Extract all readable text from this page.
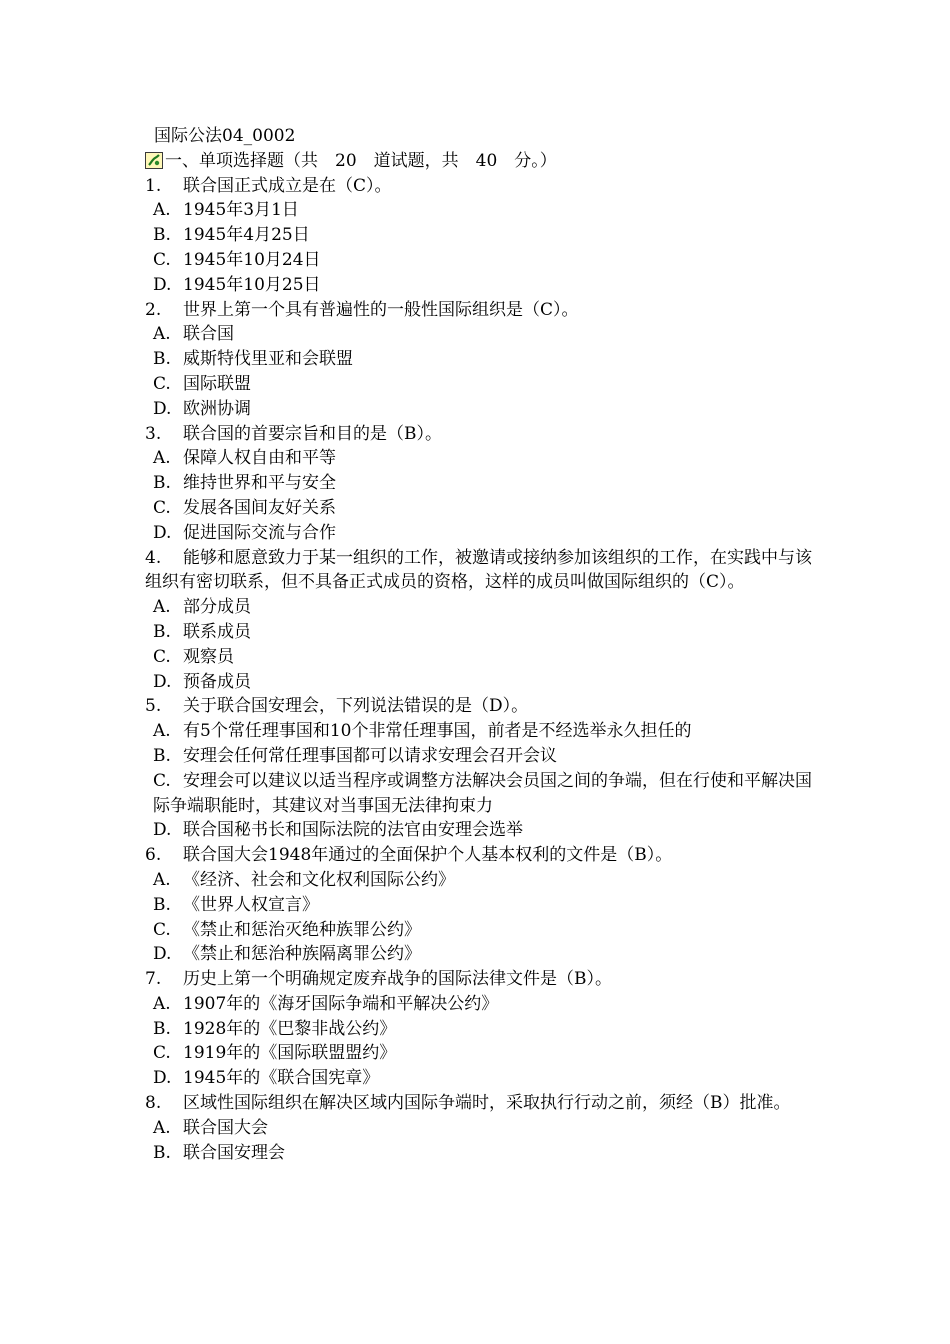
国际公法04_0002
一、单项选择题（共　20　道试题，共　40　分。）
1.	联合国正式成立是在（C）。
A. 1945年3月1日
B. 1945年4月25日
C. 1945年10月24日
D. 1945年10月25日
2.	世界上第一个具有普遍性的一般性国际组织是（C）。
A. 联合国
B. 威斯特伐里亚和会联盟
C. 国际联盟
D. 欧洲协调
3.	联合国的首要宗旨和目的是（B）。
A. 保障人权自由和平等
B. 维持世界和平与安全
C. 发展各国间友好关系
D. 促进国际交流与合作
4. 能够和愿意致力于某一组织的工作，被邀请或接纳参加该组织的工作，在实践中与该组织有密切联系，但不具备正式成员的资格，这样的成员叫做国际组织的（C）。
A. 部分成员
B. 联系成员
C. 观察员
D. 预备成员
5.	关于联合国安理会，下列说法错误的是（D）。
A. 有5个常任理事国和10个非常任理事国，前者是不经选举永久担任的
B. 安理会任何常任理事国都可以请求安理会召开会议
C. 安理会可以建议以适当程序或调整方法解决会员国之间的争端，但在行使和平解决国际争端职能时，其建议对当事国无法律拘束力
D. 联合国秘书长和国际法院的法官由安理会选举
6.	联合国大会1948年通过的全面保护个人基本权利的文件是（B）。
A. 《经济、社会和文化权利国际公约》
B. 《世界人权宣言》
C. 《禁止和惩治灭绝种族罪公约》
D. 《禁止和惩治种族隔离罪公约》
7.	历史上第一个明确规定废弃战争的国际法律文件是（B）。
A. 1907年的《海牙国际争端和平解决公约》
B. 1928年的《巴黎非战公约》
C. 1919年的《国际联盟盟约》
D. 1945年的《联合国宪章》
8. 区域性国际组织在解决区域内国际争端时，采取执行行动之前，须经（B）批准。
A. 联合国大会
B. 联合国安理会
